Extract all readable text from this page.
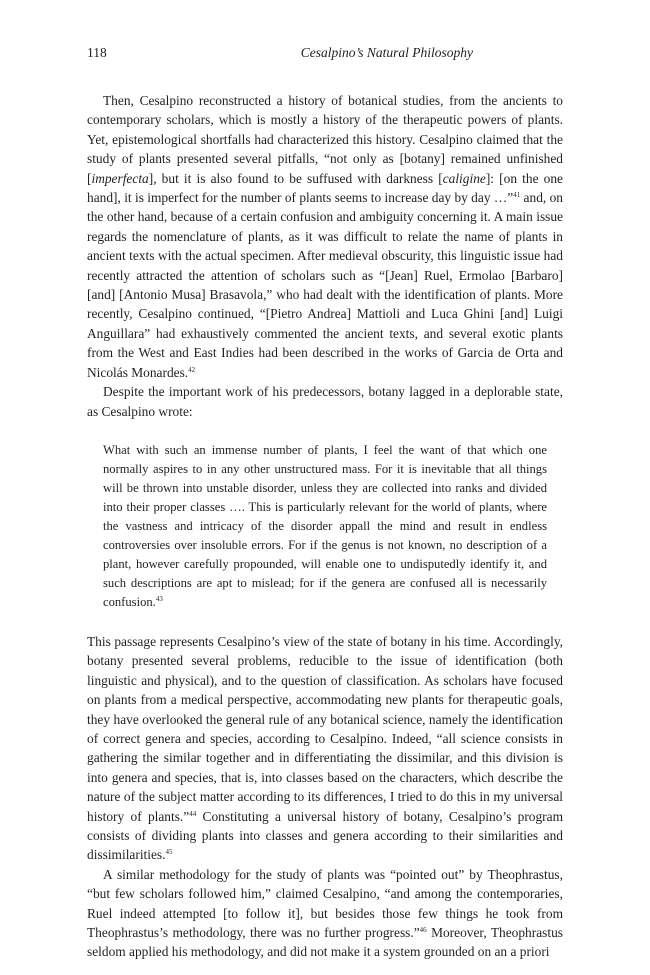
118	Cesalpino’s Natural Philosophy

Then, Cesalpino reconstructed a history of botanical studies, from the ancients to contemporary scholars, which is mostly a history of the therapeutic powers of plants. Yet, epistemological shortfalls had characterized this history. Cesalpino claimed that the study of plants presented several pitfalls, “not only as [botany] remained unfinished [imperfecta], but it is also found to be suffused with darkness [caligine]: [on the one hand], it is imperfect for the number of plants seems to increase day by day …”$^{41}$ and, on the other hand, because of a certain confusion and ambiguity concerning it. A main issue regards the nomenclature of plants, as it was difficult to relate the name of plants in ancient texts with the actual specimen. After medieval obscurity, this linguistic issue had recently attracted the attention of scholars such as “[Jean] Ruel, Ermolao [Barbaro] [and] [Antonio Musa] Brasavola,” who had dealt with the identification of plants. More recently, Cesalpino continued, “[Pietro Andrea] Mattioli and Luca Ghini [and] Luigi Anguillara” had exhaustively commented the ancient texts, and several exotic plants from the West and East Indies had been described in the works of Garcia de Orta and Nicolás Monardes.$^{42}$

Despite the important work of his predecessors, botany lagged in a deplorable state, as Cesalpino wrote:

What with such an immense number of plants, I feel the want of that which one normally aspires to in any other unstructured mass. For it is inevitable that all things will be thrown into unstable disorder, unless they are collected into ranks and divided into their proper classes …. This is particularly relevant for the world of plants, where the vastness and intricacy of the disorder appall the mind and result in endless controversies over insoluble errors. For if the genus is not known, no description of a plant, however carefully propounded, will enable one to undisputedly identify it, and such descriptions are apt to mislead; for if the genera are confused all is necessarily confusion.$^{43}$

This passage represents Cesalpino’s view of the state of botany in his time. Accordingly, botany presented several problems, reducible to the issue of identification (both linguistic and physical), and to the question of classification. As scholars have focused on plants from a medical perspective, accommodating new plants for therapeutic goals, they have overlooked the general rule of any botanical science, namely the identification of correct genera and species, according to Cesalpino. Indeed, “all science consists in gathering the similar together and in differentiating the dissimilar, and this division is into genera and species, that is, into classes based on the characters, which describe the nature of the subject matter according to its differences, I tried to do this in my universal history of plants.”$^{44}$ Constituting a universal history of botany, Cesalpino’s program consists of dividing plants into classes and genera according to their similarities and dissimilarities.$^{45}$

A similar methodology for the study of plants was “pointed out” by Theophrastus, “but few scholars followed him,” claimed Cesalpino, “and among the contemporaries, Ruel indeed attempted [to follow it], but besides those few things he took from Theophrastus’s methodology, there was no further progress.”$^{46}$ Moreover, Theophrastus seldom applied his methodology, and did not make it a system grounded on an a priori
